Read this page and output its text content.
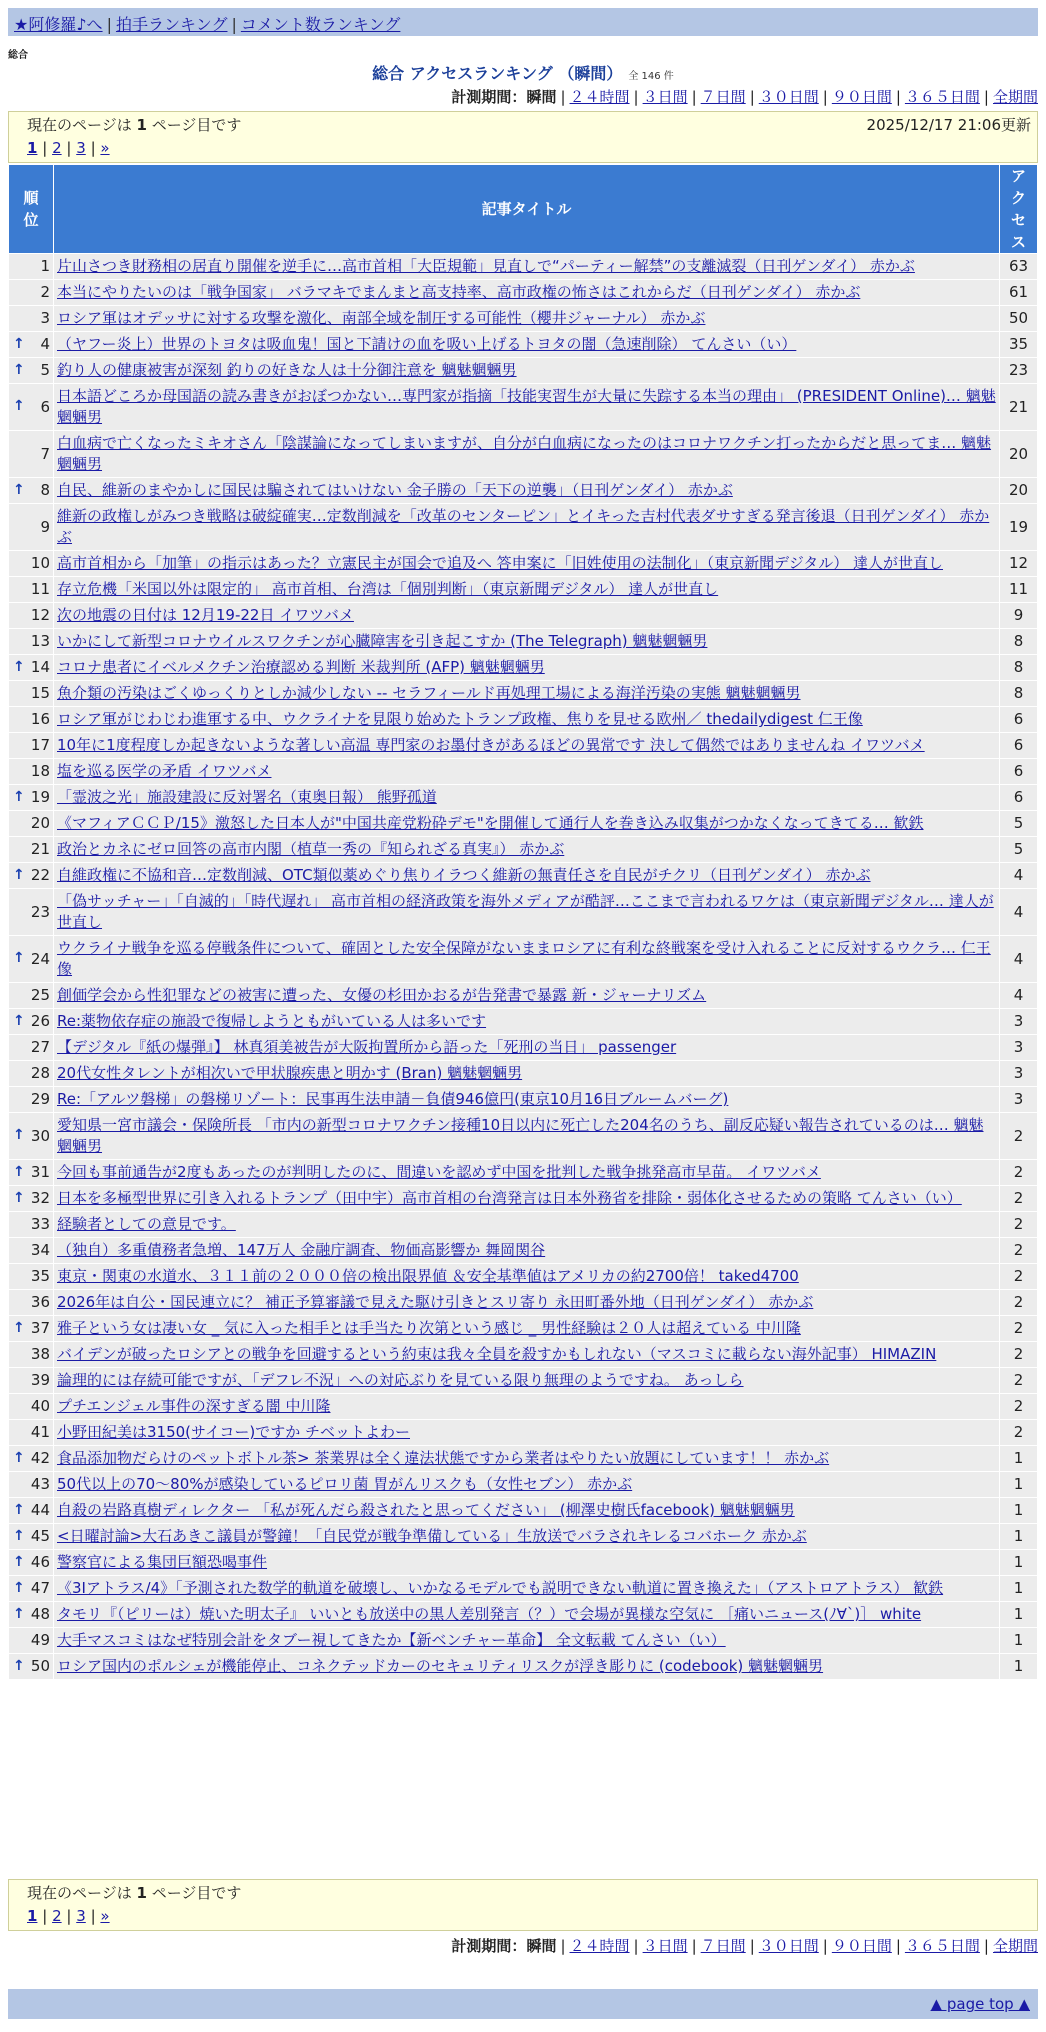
★阿修羅♪へ | 拍手ランキング | コメント数ランキング
総合
総合 アクセスランキング （瞬間） 全 146 件
計測期間：瞬間 | ２４時間 | ３日間 | ７日間 | ３０日間 | ９０日間 | ３６５日間 | 全期間
現在のページは 1 ページ目です	2025/12/17 21:06更新
1 | 2 | 3 | »
順位	記事タイトル	アクセス
1	片山さつき財務相の居直り開催を逆手に…高市首相「大臣規範」見直しで“パーティー解禁”の支離滅裂（日刊ゲンダイ） 赤かぶ	63
2	本当にやりたいのは「戦争国家」 バラマキでまんまと高支持率、高市政権の怖さはこれからだ（日刊ゲンダイ） 赤かぶ	61
3	ロシア軍はオデッサに対する攻撃を激化、南部全域を制圧する可能性（櫻井ジャーナル） 赤かぶ	50

↑ 4	（ヤフー炎上）世界のトヨタは吸血鬼！国と下請けの血を吸い上げるトヨタの闇（急速削除） てんさい（い）	35

↑ 5	釣り人の健康被害が深刻 釣りの好きな人は十分御注意を 魑魅魍魎男	23

↑ 6	日本語どころか母国語の読み書きがおぼつかない…専門家が指摘「技能実習生が大量に失踪する本当の理由」 (PRESIDENT Online)… 魑魅魍魎男	21
7	白血病で亡くなったミキオさん「陰謀論になってしまいますが、自分が白血病になったのはコロナワクチン打ったからだと思ってま… 魑魅魍魎男	20

↑ 8	自民、維新のまやかしに国民は騙されてはいけない 金子勝の「天下の逆襲」（日刊ゲンダイ） 赤かぶ	20
9	維新の政権しがみつき戦略は破綻確実…定数削減を「改革のセンターピン」とイキった吉村代表ダサすぎる発言後退（日刊ゲンダイ） 赤かぶ	19
10	高市首相から「加筆」の指示はあった？立憲民主が国会で追及へ 答申案に「旧姓使用の法制化」（東京新聞デジタル） 達人が世直し	12
11	存立危機「米国以外は限定的」 高市首相、台湾は「個別判断」（東京新聞デジタル） 達人が世直し	11
12	次の地震の日付は 12月19-22日 イワツバメ	9
13	いかにして新型コロナウイルスワクチンが心臓障害を引き起こすか (The Telegraph) 魑魅魍魎男	8

↑ 14	コロナ患者にイベルメクチン治療認める判断 米裁判所 (AFP) 魑魅魍魎男	8
15	魚介類の汚染はごくゆっくりとしか減少しない -- セラフィールド再処理工場による海洋汚染の実態 魑魅魍魎男	8
16	ロシア軍がじわじわ進軍する中、ウクライナを見限り始めたトランプ政権、焦りを見せる欧州／ thedailydigest 仁王像	6
17	10年に1度程度しか起きないような著しい高温 専門家のお墨付きがあるほどの異常です 決して偶然ではありませんね イワツバメ	6
18	塩を巡る医学の矛盾 イワツバメ	6

↑ 19	「霊波之光」施設建設に反対署名（東奥日報） 熊野孤道	6
20	《マフィアＣＣＰ/15》激怒した日本人が"中国共産党粉砕デモ"を開催して通行人を巻き込み収集がつかなくなってきてる… 歓鉄	5
21	政治とカネにゼロ回答の高市内閣（植草一秀の『知られざる真実』） 赤かぶ	5

↑ 22	自維政権に不協和音…定数削減、OTC類似薬めぐり焦りイラつく維新の無責任さを自民がチクリ（日刊ゲンダイ） 赤かぶ	4
23	「偽サッチャー」「自滅的」「時代遅れ」 高市首相の経済政策を海外メディアが酷評…ここまで言われるワケは（東京新聞デジタル… 達人が世直し	4

↑ 24	ウクライナ戦争を巡る停戦条件について、確固とした安全保障がないままロシアに有利な終戦案を受け入れることに反対するウクラ… 仁王像	4
25	創価学会から性犯罪などの被害に遭った、女優の杉田かおるが告発書で暴露 新・ジャーナリズム	4

↑ 26	Re:薬物依存症の施設で復帰しようともがいている人は多いです	3
27	【デジタル『紙の爆弾』】 林真須美被告が大阪拘置所から語った「死刑の当日」 passenger	3
28	20代女性タレントが相次いで甲状腺疾患と明かす (Bran) 魑魅魍魎男	3
29	Re:「アルツ磐梯」の磐梯リゾート：民事再生法申請－負債946億円(東京10月16日ブルームバーグ)	3

↑ 30	愛知県一宮市議会・保険所長 「市内の新型コロナワクチン接種10日以内に死亡した204名のうち、副反応疑い報告されているのは… 魑魅魍魎男	2

↑ 31	今回も事前通告が2度もあったのが判明したのに、間違いを認めず中国を批判した戦争挑発高市早苗。 イワツバメ	2

↑ 32	日本を多極型世界に引き入れるトランプ（田中宇）高市首相の台湾発言は日本外務省を排除・弱体化させるための策略 てんさい（い）	2
33	経験者としての意見です。	2
34	（独自）多重債務者急増、147万人 金融庁調査、物価高影響か 舞岡関谷	2
35	東京・関東の水道水、３１１前の２０００倍の検出限界値 ＆安全基準値はアメリカの約2700倍！ taked4700	2
36	2026年は自公・国民連立に？ 補正予算審議で見えた駆け引きとスリ寄り 永田町番外地（日刊ゲンダイ） 赤かぶ	2

↑ 37	雅子という女は凄い女 _ 気に入った相手とは手当たり次第という感じ _ 男性経験は２０人は超えている 中川隆	2
38	バイデンが破ったロシアとの戦争を回避するという約束は我々全員を殺すかもしれない（マスコミに載らない海外記事） HIMAZIN	2
39	論理的には存続可能ですが、「デフレ不況」への対応ぶりを見ている限り無理のようですね。 あっしら	2
40	プチエンジェル事件の深すぎる闇 中川隆	2
41	小野田紀美は3150(サイコー)ですか チベットよわー	2

↑ 42	食品添加物だらけのペットボトル茶> 茶業界は全く違法状態ですから業者はやりたい放題にしています！！ 赤かぶ	1
43	50代以上の70～80%が感染しているピロリ菌 胃がんリスクも（女性セブン） 赤かぶ	1

↑ 44	自殺の岩路真樹ディレクター 「私が死んだら殺されたと思ってください」 (柳澤史樹氏facebook) 魑魅魍魎男	1

↑ 45	<日曜討論>大石あきこ議員が警鐘！「自民党が戦争準備している」生放送でバラされキレるコバホーク 赤かぶ	1

↑ 46	警察官による集団巨額恐喝事件	1

↑ 47	《3Iアトラス/4》「予測された数学的軌道を破壊し、いかなるモデルでも説明できない軌道に置き換えた」（アストロアトラス） 歓鉄	1

↑ 48	タモリ『（ピリーは）焼いた明太子』 いいとも放送中の黒人差別発言（？）で会場が異様な空気に ［痛いニュース(ﾉ∀`)］ white	1
49	大手マスコミはなぜ特別会計をタブー視してきたか【新ベンチャー革命】 全文転載 てんさい（い）	1

↑ 50	ロシア国内のポルシェが機能停止、コネクテッドカーのセキュリティリスクが浮き彫りに (codebook) 魑魅魍魎男	1
現在のページは 1 ページ目です
1 | 2 | 3 | »
計測期間：瞬間 | ２４時間 | ３日間 | ７日間 | ３０日間 | ９０日間 | ３６５日間 | 全期間
▲ page top ▲
